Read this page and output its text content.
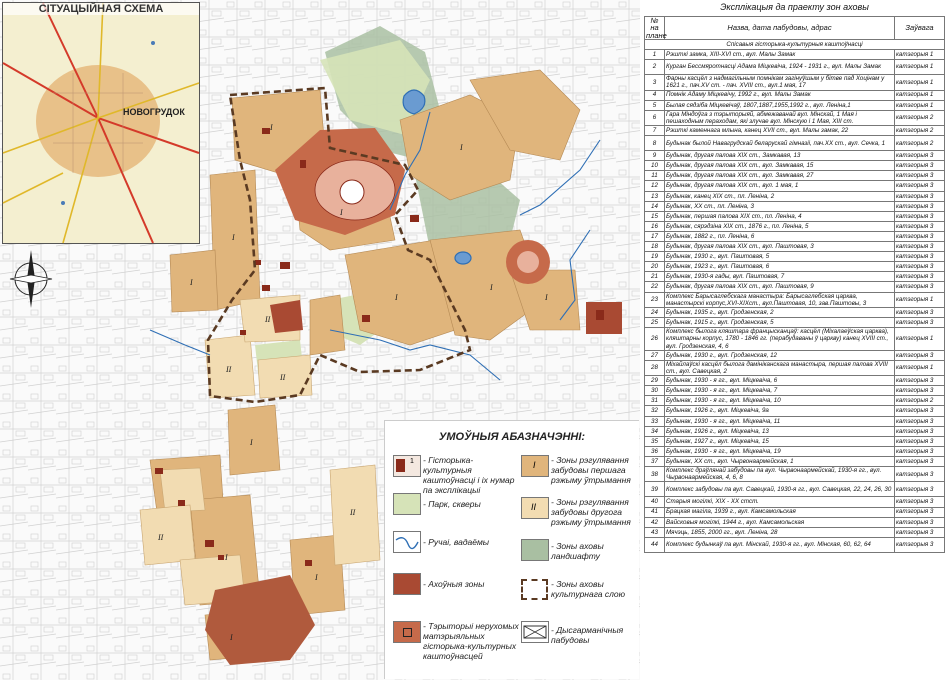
I
I
I
I
I
I
I
I
I
I
I
I
II
II
II
II
II
СІТУАЦЫЙНАЯ СХЕМА
НОВОГРУДОК
УМОЎНЫЯ АБАЗНАЧЭННІ:
1 - Гісторыка-культурныя каштоўнасці і іх нумар па эксплікацыі
- Парк, скверы
- Ручаі, вадаёмы
- Ахоўныя зоны
- Тэрыторыі нерухомых матэрыяльных гісторыка-культурных каштоўнасцей
I - Зоны рэгулявання забудовы першага рэжыму ўтрымання
II - Зоны рэгулявання забудовы другога рэжыму ўтрымання
- Зоны аховы ландшафту
- Зоны аховы культурнага слою
- Дысгарманічныя пабудовы
Эксплікацыя да праекту зон аховы
№ на плане	Назва, дата пабудовы, адрас	Заўвага
Спісавыя гісторыка-культурныя каштоўнасці		
1	Рэшткі замка, XIII-XVI ст., вул. Малы Замак	катэгорыя 1
2	Курган Бессмяротнасці Адама Міцкевіча, 1924 - 1931 г., вул. Малы Замак	катэгорыя 1
3	Фарны касцёл з надмагільным помнікам загінуўшым у бітве пад Хоцінам у 1621 г., пач.XV ст. - пач. XVIII ст., вул.1 мая, 17	катэгорыя 1
4	Помнік Адаму Міцкевічу, 1992 г., вул. Малы Замак	катэгорыя 1
5	Былая сядзіба Міцкевічаў, 1807,1887,1955,1992 г., вул. Леніна,1	катэгорыя 1
6	Гара Міндоўга з тэрыторыяй, абмежаванай вул. Мінскай, 1 Мая і пешаходным пераходам, які злучае вул. Мінскую і 1 Мая, XIII ст.	катэгорыя 2
7	Рэшткі каменнага млына, канец XVII ст., вул. Малы замак, 22	катэгорыя 2
8	Будынак былой Навагрудскай беларускай гімназіі, пач.XX ст., вул. Сечка, 1	катэгорыя 2
9	Будынак, другая палова XIX ст., Замкавая, 13	катэгорыя 3
10	Будынак, другая палова XIX ст., вул. Замкавая, 15	катэгорыя 3
11	Будынак, другая палова XIX ст., вул. Замкавая, 27	катэгорыя 3
12	Будынак, другая палова XIX ст., вул. 1 мая, 1	катэгорыя 3
13	Будынак, канец XIX ст., пл. Леніна, 2	катэгорыя 3
14	Будынак, XX ст., пл. Леніна, 3	катэгорыя 3
15	Будынак, першая палова XIX ст., пл. Леніна, 4	катэгорыя 3
16	Будынак, сярэдзіна XIX ст., 1876 г., пл. Леніна, 5	катэгорыя 3
17	Будынак, 1882 г., пл. Леніна, 6	катэгорыя 3
18	Будынак, другая палова XIX ст., вул. Паштовая, 3	катэгорыя 3
19	Будынак, 1930 г., вул. Паштовая, 5	катэгорыя 3
20	Будынак, 1923 г., вул. Паштовая, 6	катэгорыя 3
21	Будынак, 1930-я гады, вул. Паштовая, 7	катэгорыя 3
22	Будынак, другая палова XIX ст., вул. Паштовая, 9	катэгорыя 3
23	Комплекс Барысаглебскага манастыра: Барысаглебская царква, манастырскі корпус,XVI-XIXст., вул.Паштовая, 10, зав.Паштовы, 3	катэгорыя 1
24	Будынак, 1935 г., вул. Гродзенская, 2	катэгорыя 3
25	Будынак, 1915 г., вул. Гродзенская, 5	катэгорыя 3
26	Комплекс былога кляштара францысканцаў: касцёл (Міхалаеўская царква), кляштарны корпус, 1780 - 1846 гг. (перабудаваны ў царкву) канец XVIII ст., вул. Гродзенская, 4, 6	катэгорыя 1
27	Будынак, 1930 г., вул. Гродзенская, 12	катэгорыя 3
28	Міхайлаўскі касцёл былога дамініканскага манастыра, першая палова XVIII ст., вул. Савецкая, 2	катэгорыя 1
29	Будынак, 1930 - я гг., вул. Міцкевіча, 6	катэгорыя 3
30	Будынак, 1930 - я гг., вул. Міцкевіча, 7	катэгорыя 3
31	Будынак, 1930 - я гг., вул. Міцкевіча, 10	катэгорыя 2
32	Будынак, 1926 г., вул. Міцкевіча, 9а	катэгорыя 3
33	Будынак, 1930 - я гг., вул. Міцкевіча, 11	катэгорыя 3
34	Будынак, 1926 г., вул. Міцкевіча, 13	катэгорыя 3
35	Будынак, 1927 г., вул. Міцкевіча, 15	катэгорыя 3
36	Будынак, 1930 - я гг., вул. Міцкевіча, 19	катэгорыя 3
37	Будынак, XX ст., вул. Чырвонаармейская, 1	катэгорыя 3
38	Комплекс драўлянай забудовы па вул. Чырвонаармейскай, 1930-я гг., вул. Чырвонаармейская, 4, 6, 8	катэгорыя 3
39	Комплекс забудовы па вул. Савецкай, 1930-я гг., вул. Савецкая, 22, 24, 26, 30	катэгорыя 3
40	Старыя могілкі, XIX - XX стст.	катэгорыя 3
41	Брацкая магіла, 1939 г., вул. Камсамольская	катэгорыя 3
42	Вайсковыя могілкі, 1944 г., вул. Камсамольская	катэгорыя 3
43	Мячэць, 1855, 2000 гг., вул. Леніна, 28	катэгорыя 3
44	Комплекс будынкаў па вул. Мінскай, 1930-я гг., вул. Мінская, 60, 62, 64	катэгорыя 3
